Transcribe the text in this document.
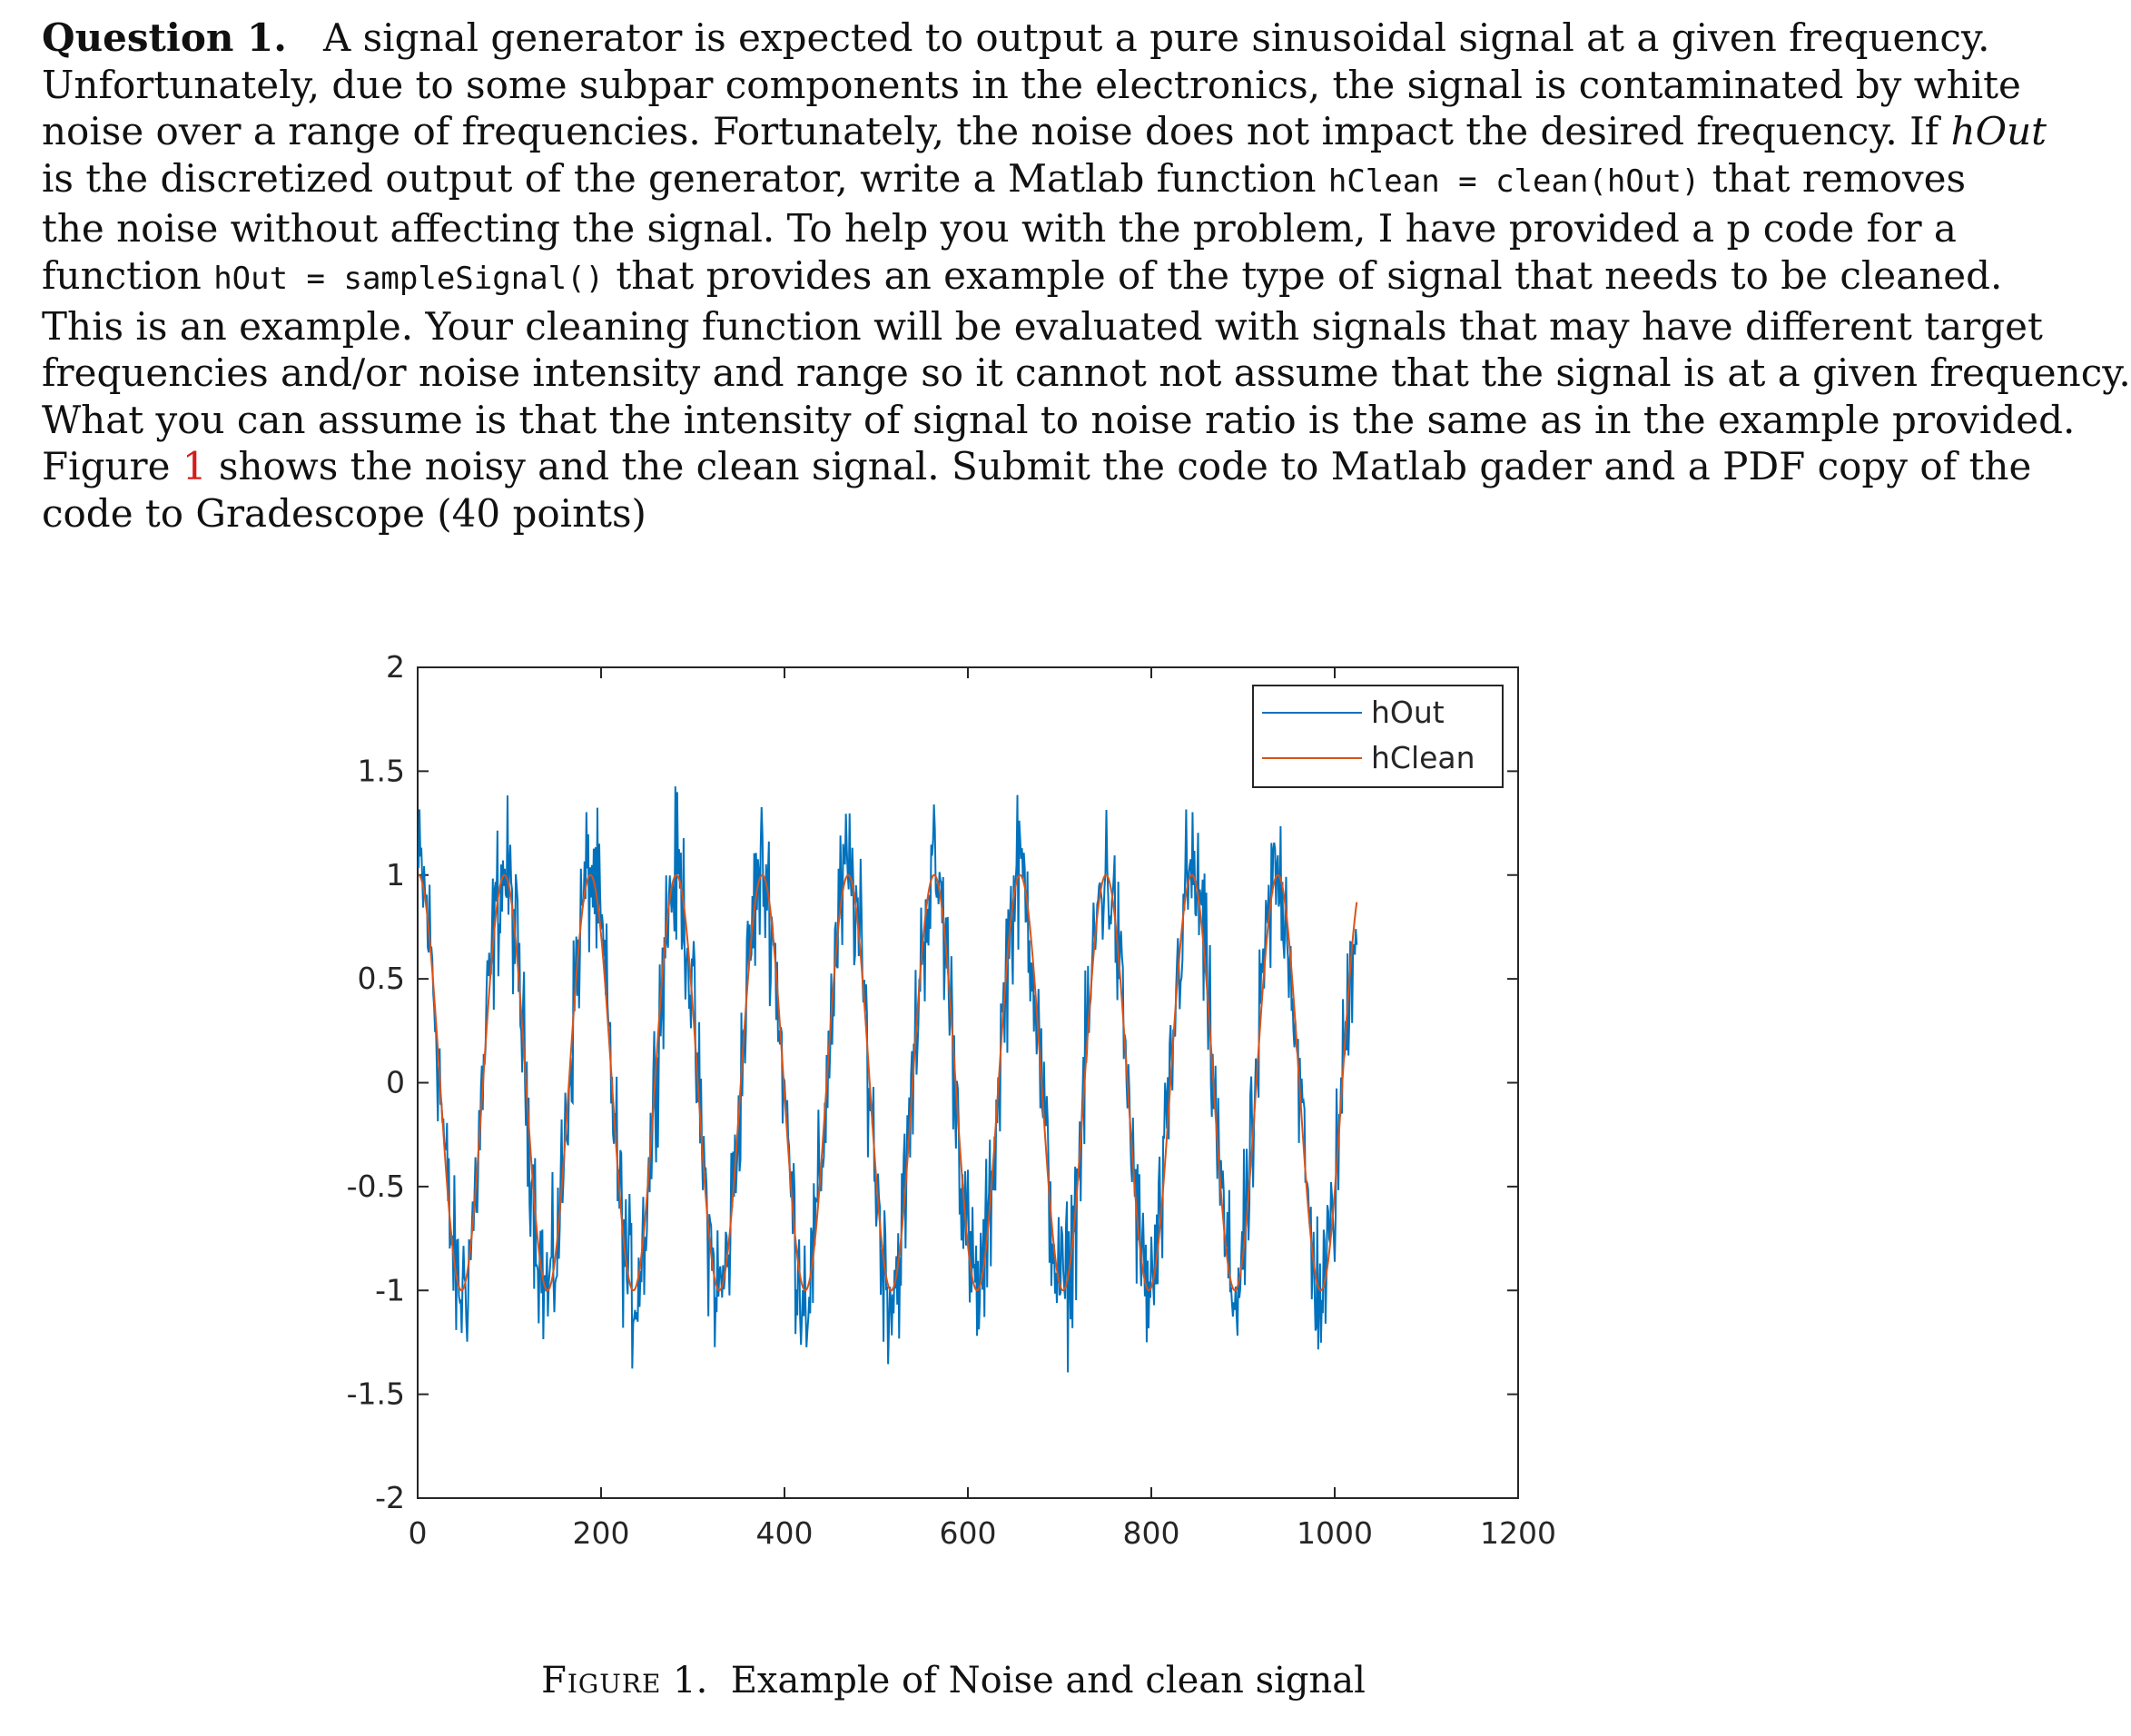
Question 1. A signal generator is expected to output a pure sinusoidal signal at a given frequency.
Unfortunately, due to some subpar components in the electronics, the signal is contaminated by white
noise over a range of frequencies. Fortunately, the noise does not impact the desired frequency. If hOut
is the discretized output of the generator, write a Matlab function hClean = clean(hOut) that removes
the noise without affecting the signal. To help you with the problem, I have provided a p code for a
function hOut = sampleSignal() that provides an example of the type of signal that needs to be cleaned.
This is an example. Your cleaning function will be evaluated with signals that may have different target
frequencies and/or noise intensity and range so it cannot not assume that the signal is at a given frequency.
What you can assume is that the intensity of signal to noise ratio is the same as in the example provided.
Figure 1 shows the noisy and the clean signal. Submit the code to Matlab gader and a PDF copy of the
code to Gradescope (40 points)
0	200	400	600	800	1000	1200
2
1.5
1
0.5
0
-0.5
-1
-1.5
-2
hOut
hClean
Figure 1. Example of Noise and clean signal
